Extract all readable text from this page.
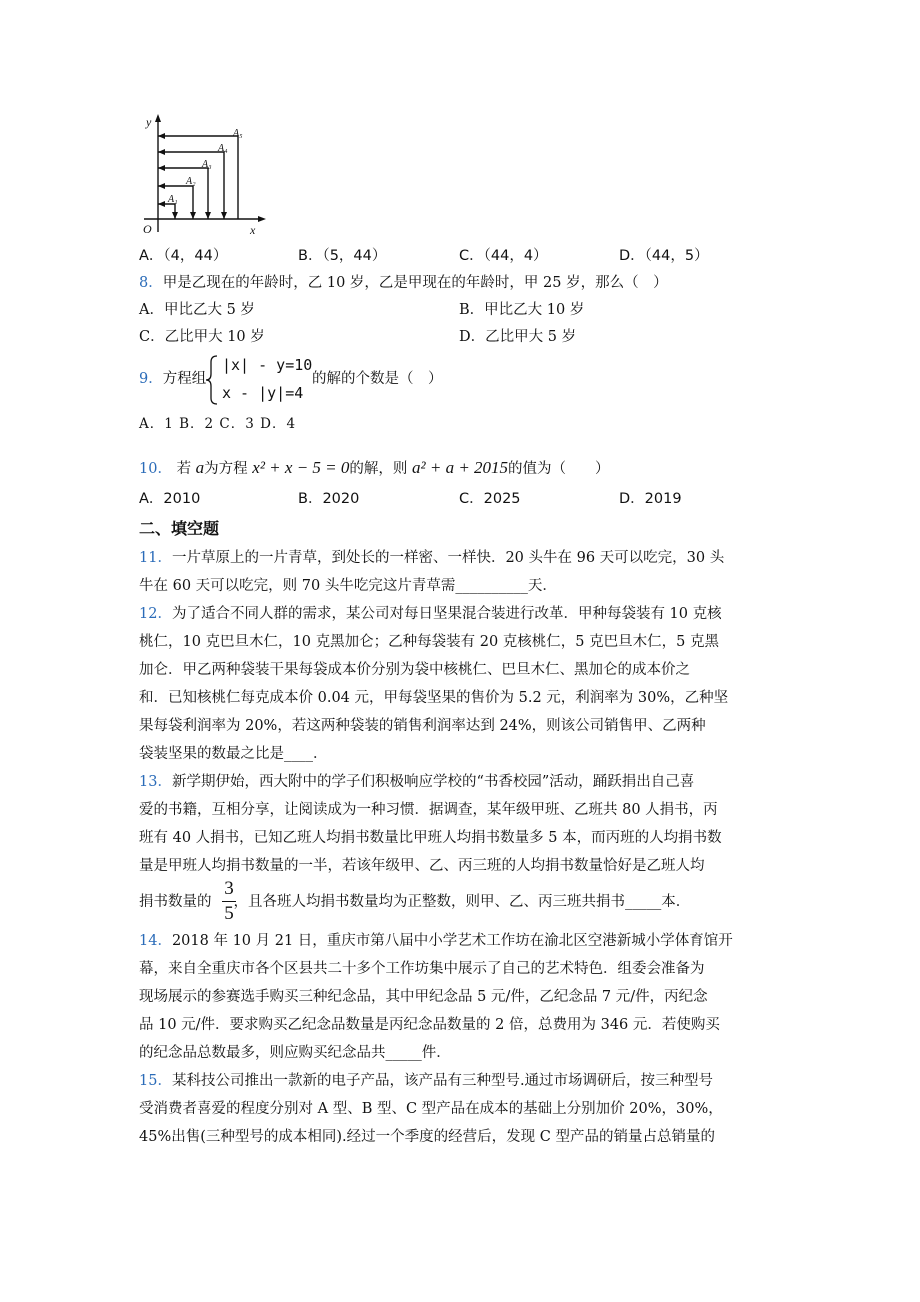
y
x
O
A₁
A₂
A₃
A₄
A₅
A．（4，44）	B．（5，44）	C．（44，4）	D．（44，5）
8．甲是乙现在的年龄时，乙 10 岁，乙是甲现在的年龄时，甲 25 岁，那么（　）
A．甲比乙大 5 岁	B．甲比乙大 10 岁
C．乙比甲大 10 岁	D．乙比甲大 5 岁
9．方程组
|x| - y=10
x - |y|=4
的解的个数是（　）
A．1 B．2 C．3 D．4
10． 若 a为方程 x² + x − 5 = 0的解，则 a² + a + 2015的值为（　　）
A．2010	B．2020	C．2025	D．2019
二、填空题
11．一片草原上的一片青草，到处长的一样密、一样快．20 头牛在 96 天可以吃完，30 头
牛在 60 天可以吃完，则 70 头牛吃完这片青草需__________天．
12．为了适合不同人群的需求，某公司对每日坚果混合装进行改革．甲种每袋装有 10 克核
桃仁，10 克巴旦木仁，10 克黑加仑；乙种每袋装有 20 克核桃仁，5 克巴旦木仁，5 克黑
加仑．甲乙两种袋装干果每袋成本价分别为袋中核桃仁、巴旦木仁、黑加仑的成本价之
和．已知核桃仁每克成本价 0.04 元，甲每袋坚果的售价为 5.2 元，利润率为 30%，乙种坚
果每袋利润率为 20%，若这两种袋装的销售利润率达到 24%，则该公司销售甲、乙两种
袋装坚果的数最之比是____．
13．新学期伊始，西大附中的学子们积极响应学校的“书香校园”活动，踊跃捐出自己喜
爱的书籍，互相分享，让阅读成为一种习惯．据调查，某年级甲班、乙班共 80 人捐书，丙
班有 40 人捐书，已知乙班人均捐书数量比甲班人均捐书数量多 5 本，而丙班的人均捐书数
量是甲班人均捐书数量的一半，若该年级甲、乙、丙三班的人均捐书数量恰好是乙班人均
捐书数量的 ，且各班人均捐书数量均为正整数，则甲、乙、丙三班共捐书_____本．
3
5
14．2018 年 10 月 21 日，重庆市第八届中小学艺术工作坊在渝北区空港新城小学体育馆开
幕，来自全重庆市各个区县共二十多个工作坊集中展示了自己的艺术特色．组委会准备为
现场展示的参赛选手购买三种纪念品，其中甲纪念品 5 元/件，乙纪念品 7 元/件，丙纪念
品 10 元/件．要求购买乙纪念品数量是丙纪念品数量的 2 倍，总费用为 346 元．若使购买
的纪念品总数最多，则应购买纪念品共_____件．
15．某科技公司推出一款新的电子产品，该产品有三种型号.通过市场调研后，按三种型号
受消费者喜爱的程度分别对 A 型、B 型、C 型产品在成本的基础上分别加价 20%，30%，
45%出售(三种型号的成本相同).经过一个季度的经营后，发现 C 型产品的销量占总销量的
